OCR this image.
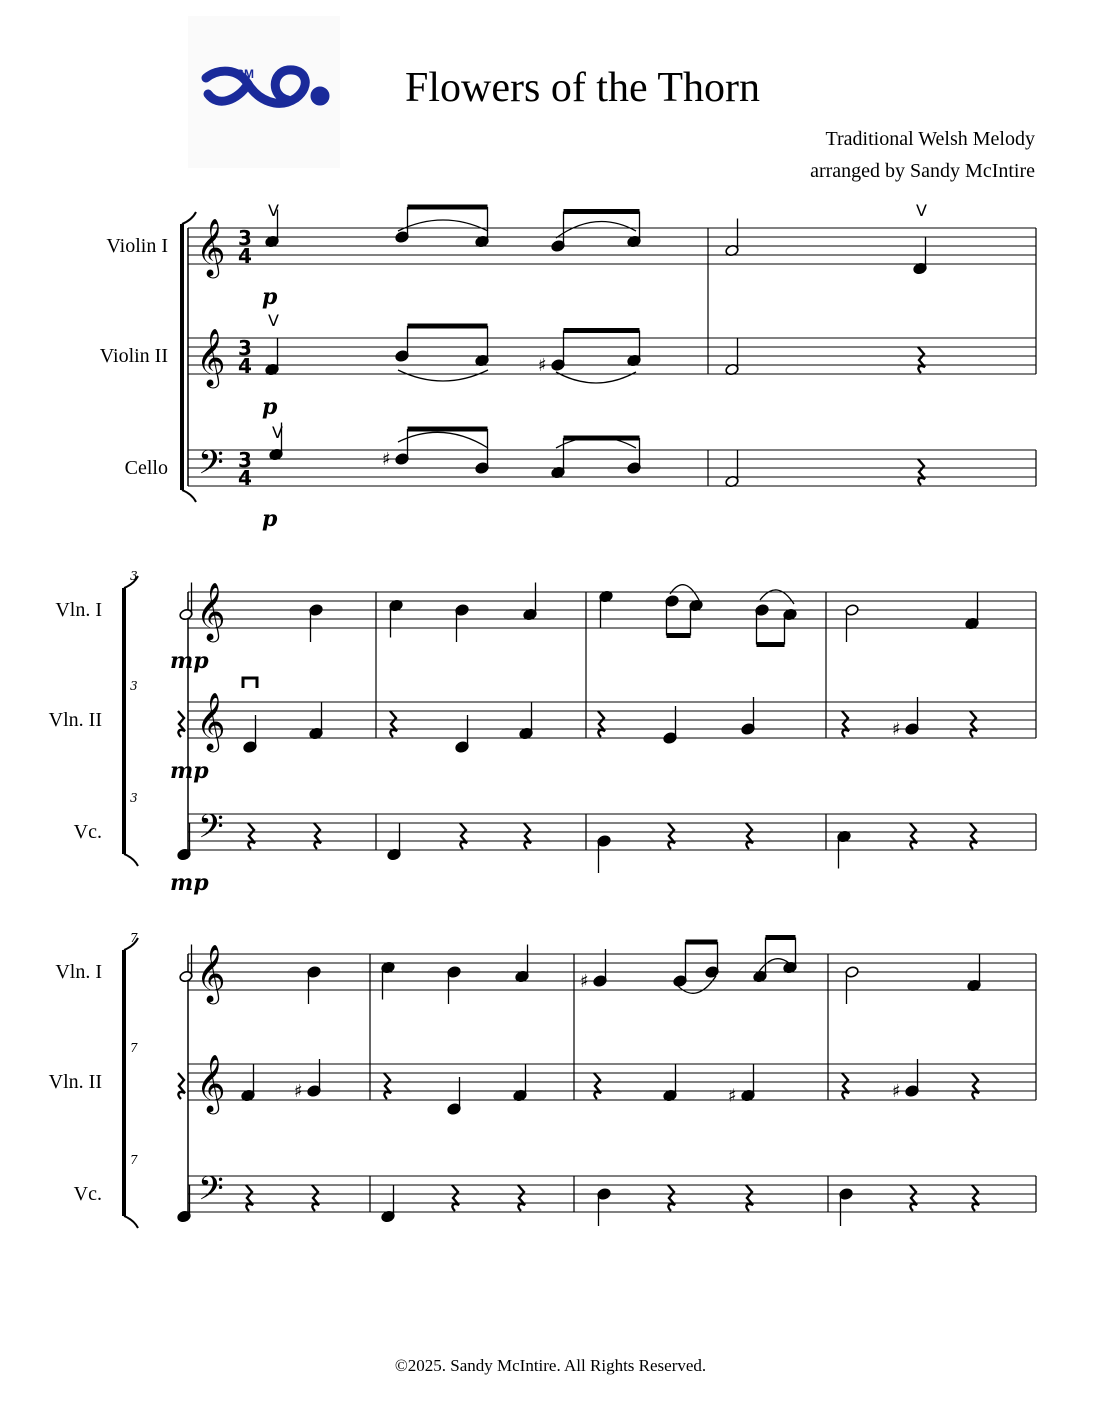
SM	Flowers of the Thorn
Traditional Welsh Melody
arranged by Sandy McIntire
𝄞 3
4
Violin I
p
𝄞 3
4
Violin II
p
𝄢 3
4
Cello
p
𝄞
Vln. I
3
mp
𝄞
Vln. II
3
mp
𝄢
Vc.
3
mp
𝄞
Vln. I
7
𝄞
Vln. II
7
𝄢
Vc.
7
V	V
V
♯
V
♯
♯
♯
♯	♯	♯
©2025. Sandy McIntire. All Rights Reserved.
